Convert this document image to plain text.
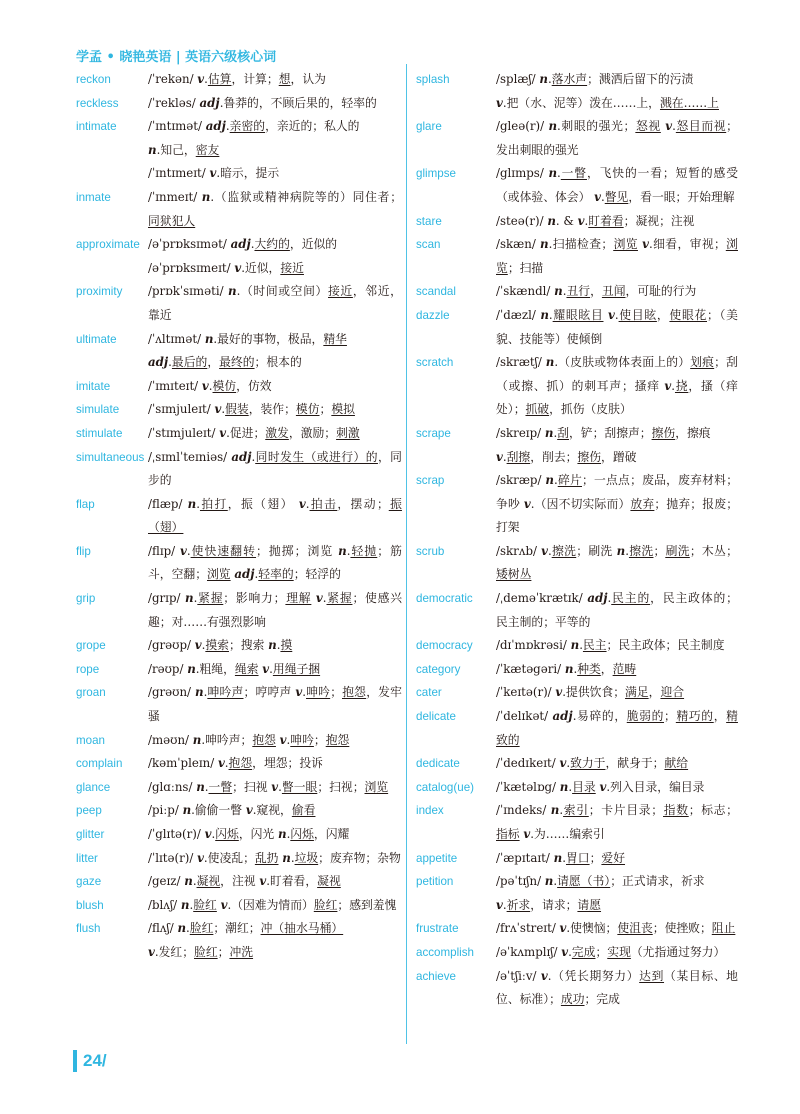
学孟 • 晓艳英语 | 英语六级核心词
reckon	/ˈrekən/ v.估算，计算；想，认为
reckless /ˈrekləs/ adj.鲁莽的，不顾后果的，轻率的
intimate	/ˈɪntɪmət/ adj.亲密的，亲近的；私人的
n.知己，密友
/ˈɪntɪmeɪt/ v.暗示，提示
inmate	/ˈɪnmeɪt/ n.（监狱或精神病院等的）同住者；同狱犯人
approximate /əˈprɒksɪmət/ adj.大约的，近似的
/əˈprɒksɪmeɪt/ v.近似，接近
proximity /prɒkˈsɪməti/ n.（时间或空间）接近，邻近，靠近
ultimate	/ˈʌltɪmət/ n.最好的事物，极品，精华
adj.最后的，最终的；根本的
imitate	/ˈɪmɪteɪt/ v.模仿，仿效
simulate /ˈsɪmjuleɪt/ v.假装，装作；模仿；模拟
stimulate /ˈstɪmjuleɪt/ v.促进；激发，激励；刺激
simultaneous /ˌsɪmlˈteɪniəs/ adj.同时发生（或进行）的，同步的
flap	/flæp/ n.拍打，振（翅） v.拍击，摆动；振（翅）
flip	/flɪp/ v.使快速翻转；抛掷；浏览 n.轻抛；筋斗，空翻；浏览 adj.轻率的；轻浮的
grip	/grɪp/ n.紧握；影响力；理解 v.紧握；使感兴趣；对……有强烈影响
grope	/grəʊp/ v.摸索；搜索 n.摸
rope	/rəʊp/ n.粗绳，绳索 v.用绳子捆
groan	/grəʊn/ n.呻吟声；哼哼声 v.呻吟；抱怨，发牢骚
moan	/məʊn/ n.呻吟声；抱怨 v.呻吟；抱怨
complain /kəmˈpleɪn/ v.抱怨，埋怨；投诉
glance	/glɑːns/ n.一瞥；扫视 v.瞥一眼；扫视；浏览
peep	/piːp/ n.偷偷一瞥 v.窥视，偷看
glitter	/ˈglɪtə(r)/ v.闪烁，闪光 n.闪烁，闪耀
litter	/ˈlɪtə(r)/ v.使凌乱；乱扔 n.垃圾；废弃物；杂物
gaze	/geɪz/ n.凝视，注视 v.盯着看，凝视
blush	/blʌʃ/ n.脸红 v.（因难为情而）脸红；感到羞愧
flush	/flʌʃ/ n.脸红；潮红；冲（抽水马桶）
v.发红；脸红；冲洗
splash	/splæʃ/ n.落水声；溅洒后留下的污渍
v.把（水、泥等）泼在……上，溅在……上
glare	/gleə(r)/ n.刺眼的强光；怒视 v.怒目而视；发出刺眼的强光
glimpse	/glɪmps/ n.一瞥，飞快的一看；短暂的感受（或体验、体会） v.瞥见，看一眼；开始理解
stare	/steə(r)/ n. & v.盯着看；凝视；注视
scan	/skæn/ n.扫描检查；浏览 v.细看，审视；浏览；扫描
scandal	/ˈskændl/ n.丑行，丑闻，可耻的行为
dazzle	/ˈdæzl/ n.耀眼眩目 v.使目眩，使眼花；（美貌、技能等）使倾倒
scratch	/skrætʃ/ n.（皮肤或物体表面上的）划痕；刮（或擦、抓）的刺耳声；搔痒 v.挠，搔（痒处）；抓破，抓伤（皮肤）
scrape	/skreɪp/ n.刮，铲；刮擦声；擦伤，擦痕
v.刮擦，削去；擦伤，蹭破
scrap	/skræp/ n.碎片；一点点；废品，废弃材料；争吵 v.（因不切实际而）放弃；抛弃；报废；打架
scrub	/skrʌb/ v.擦洗；刷洗 n.擦洗；刷洗；木丛；矮树丛
democratic /ˌdeməˈkrætɪk/ adj.民主的，民主政体的；民主制的；平等的
democracy /dɪˈmɒkrəsi/ n.民主；民主政体；民主制度
category	/ˈkætəgəri/ n.种类，范畴
cater	/ˈkeɪtə(r)/ v.提供饮食；满足，迎合
delicate	/ˈdelɪkət/ adj.易碎的，脆弱的；精巧的，精致的
dedicate	/ˈdedɪkeɪt/ v.致力于，献身于；献给
catalog(ue) /ˈkætəlɒg/ n.目录 v.列入目录，编目录
index	/ˈɪndeks/ n.索引；卡片目录；指数；标志；指标 v.为……编索引
appetite	/ˈæpɪtaɪt/ n.胃口；爱好
petition	/pəˈtɪʃn/ n.请愿（书）；正式请求，祈求
v.祈求，请求；请愿
frustrate	/frʌˈstreɪt/ v.使懊恼；使沮丧；使挫败；阻止
accomplish /əˈkʌmplɪʃ/ v.完成；实现（尤指通过努力）
achieve	/əˈtʃiːv/ v.（凭长期努力）达到（某目标、地位、标准）；成功；完成
24/
